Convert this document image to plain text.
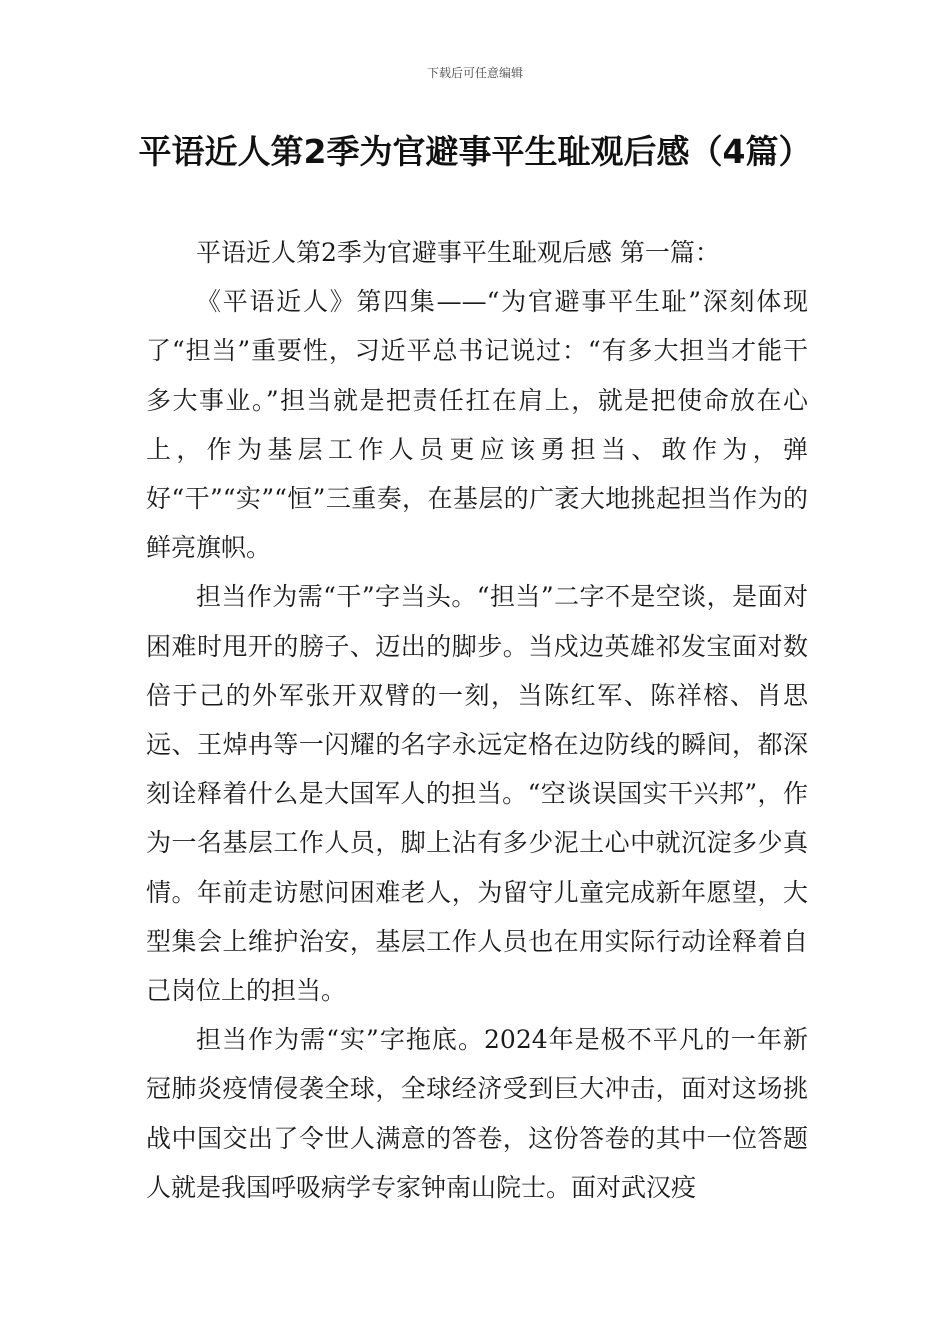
下载后可任意编辑
平语近人第2季为官避事平生耻观后感（4篇）

平语近人第2季为官避事平生耻观后感 第一篇：

《平语近人》第四集——“为官避事平生耻”深刻体现了“担当”重要性，习近平总书记说过：“有多大担当才能干多大事业。”担当就是把责任扛在肩上，就是把使命放在心上，作为基层工作人员更应该勇担当、敢作为，弹好“干”“实”“恒”三重奏，在基层的广袤大地挑起担当作为的鲜亮旗帜。

担当作为需“干”字当头。“担当”二字不是空谈，是面对困难时甩开的膀子、迈出的脚步。当戍边英雄祁发宝面对数倍于己的外军张开双臂的一刻，当陈红军、陈祥榕、肖思远、王焯冉等一闪耀的名字永远定格在边防线的瞬间，都深刻诠释着什么是大国军人的担当。“空谈误国实干兴邦”，作为一名基层工作人员，脚上沾有多少泥土心中就沉淀多少真情。年前走访慰问困难老人，为留守儿童完成新年愿望，大型集会上维护治安，基层工作人员也在用实际行动诠释着自己岗位上的担当。

担当作为需“实”字拖底。2024年是极不平凡的一年新冠肺炎疫情侵袭全球，全球经济受到巨大冲击，面对这场挑战中国交出了令世人满意的答卷，这份答卷的其中一位答题人就是我国呼吸病学专家钟南山院士。面对武汉疫
